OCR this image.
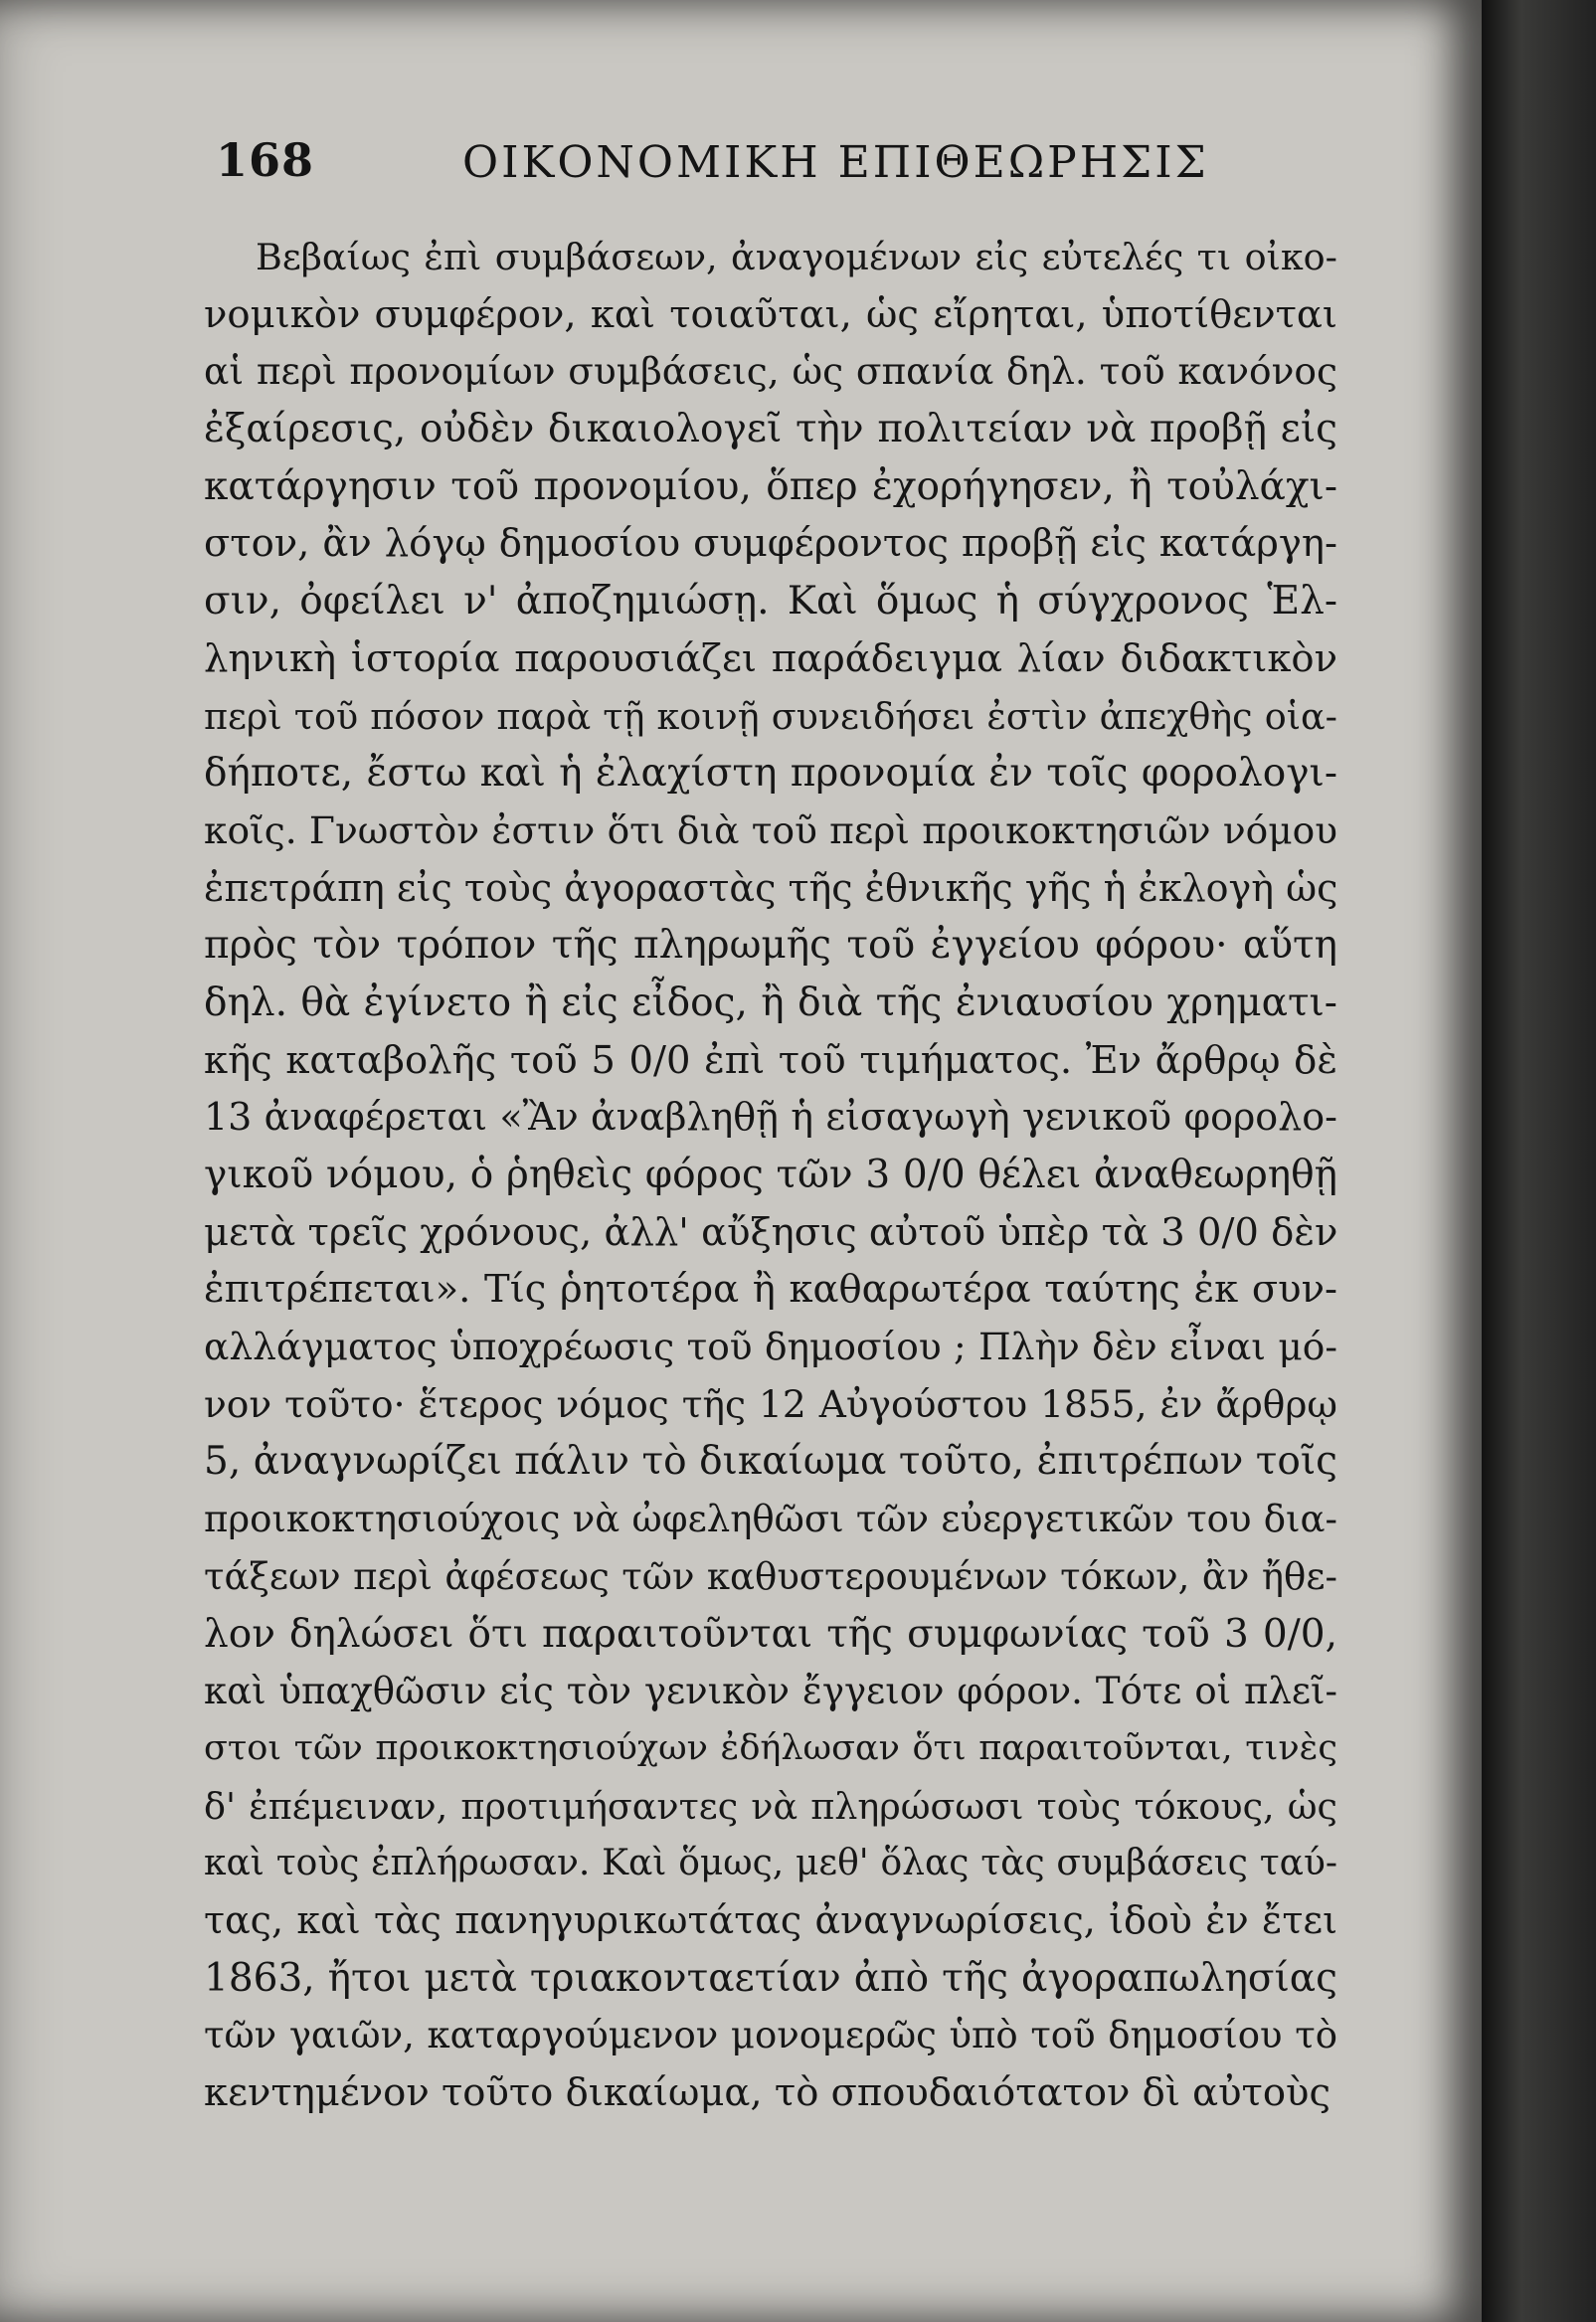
168	ΟΙΚΟΝΟΜΙΚΗ ΕΠΙΘΕΩΡΗΣΙΣ
Βεβαίως ἐπὶ συμβάσεων, ἀναγομένων εἰς εὐτελές τι οἰκο-
νομικὸν συμφέρον, καὶ τοιαῦται, ὡς εἴρηται, ὑποτίθενται
αἱ περὶ προνομίων συμβάσεις, ὡς σπανία δηλ. τοῦ κανόνος
ἐξαίρεσις, οὐδὲν δικαιολογεῖ τὴν πολιτείαν νὰ προβῇ εἰς
κατάργησιν τοῦ προνομίου, ὅπερ ἐχορήγησεν, ἢ τοὐλάχι-
στον, ἂν λόγῳ δημοσίου συμφέροντος προβῇ εἰς κατάργη-
σιν, ὀφείλει ν' ἀποζημιώσῃ. Καὶ ὅμως ἡ σύγχρονος Ἑλ-
ληνικὴ ἱστορία παρουσιάζει παράδειγμα λίαν διδακτικὸν
περὶ τοῦ πόσον παρὰ τῇ κοινῇ συνειδήσει ἐστὶν ἀπεχθὴς οἱα-
δήποτε, ἔστω καὶ ἡ ἐλαχίστη προνομία ἐν τοῖς φορολογι-
κοῖς. Γνωστὸν ἐστιν ὅτι διὰ τοῦ περὶ προικοκτησιῶν νόμου
ἐπετράπη εἰς τοὺς ἀγοραστὰς τῆς ἐθνικῆς γῆς ἡ ἐκλογὴ ὡς
πρὸς τὸν τρόπον τῆς πληρωμῆς τοῦ ἐγγείου φόρου· αὕτη
δηλ. θὰ ἐγίνετο ἢ εἰς εἶδος, ἢ διὰ τῆς ἐνιαυσίου χρηματι-
κῆς καταβολῆς τοῦ 5 0/0 ἐπὶ τοῦ τιμήματος. Ἐν ἄρθρῳ δὲ
13 ἀναφέρεται «Ἂν ἀναβληθῇ ἡ εἰσαγωγὴ γενικοῦ φορολο-
γικοῦ νόμου, ὁ ῥηθεὶς φόρος τῶν 3 0/0 θέλει ἀναθεωρηθῇ
μετὰ τρεῖς χρόνους, ἀλλ' αὔξησις αὐτοῦ ὑπὲρ τὰ 3 0/0 δὲν
ἐπιτρέπεται». Τίς ῥητοτέρα ἢ καθαρωτέρα ταύτης ἐκ συν-
αλλάγματος ὑποχρέωσις τοῦ δημοσίου ; Πλὴν δὲν εἶναι μό-
νον τοῦτο· ἕτερος νόμος τῆς 12 Αὐγούστου 1855, ἐν ἄρθρῳ
5, ἀναγνωρίζει πάλιν τὸ δικαίωμα τοῦτο, ἐπιτρέπων τοῖς
προικοκτησιούχοις νὰ ὠφεληθῶσι τῶν εὐεργετικῶν του δια-
τάξεων περὶ ἀφέσεως τῶν καθυστερουμένων τόκων, ἂν ἤθε-
λον δηλώσει ὅτι παραιτοῦνται τῆς συμφωνίας τοῦ 3 0/0,
καὶ ὑπαχθῶσιν εἰς τὸν γενικὸν ἔγγειον φόρον. Τότε οἱ πλεῖ-
στοι τῶν προικοκτησιούχων ἐδήλωσαν ὅτι παραιτοῦνται, τινὲς
δ' ἐπέμειναν, προτιμήσαντες νὰ πληρώσωσι τοὺς τόκους, ὡς
καὶ τοὺς ἐπλήρωσαν. Καὶ ὅμως, μεθ' ὅλας τὰς συμβάσεις ταύ-
τας, καὶ τὰς πανηγυρικωτάτας ἀναγνωρίσεις, ἰδοὺ ἐν ἔτει
1863, ἤτοι μετὰ τριακονταετίαν ἀπὸ τῆς ἀγοραπωλησίας
τῶν γαιῶν, καταργούμενον μονομερῶς ὑπὸ τοῦ δημοσίου τὸ
κεντημένον τοῦτο δικαίωμα, τὸ σπουδαιότατον δὶ αὐτοὺς
